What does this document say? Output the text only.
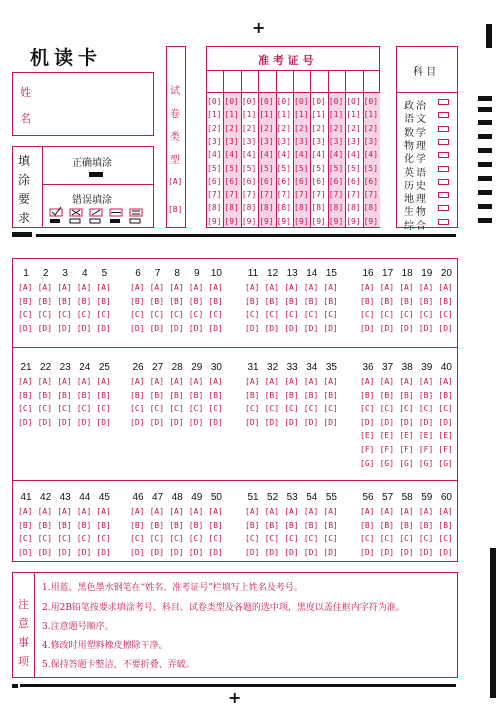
+
+
机读卡
姓
名
填
涂
要
求
正确填涂
错误填涂
试
卷
类
型
[A]
[B]
准 考 证 号
[0]
[1]
[2]
[3]
[4]
[5]
[6]
[7]
[8]
[9]
[0]
[1]
[2]
[3]
[4]
[5]
[6]
[7]
[8]
[9]
[0]
[1]
[2]
[3]
[4]
[5]
[6]
[7]
[8]
[9]
[0]
[1]
[2]
[3]
[4]
[5]
[6]
[7]
[8]
[9]
[0]
[1]
[2]
[3]
[4]
[5]
[6]
[7]
[8]
[9]
[0]
[1]
[2]
[3]
[4]
[5]
[6]
[7]
[8]
[9]
[0]
[1]
[2]
[3]
[4]
[5]
[6]
[7]
[8]
[9]
[0]
[1]
[2]
[3]
[4]
[5]
[6]
[7]
[8]
[9]
[0]
[1]
[2]
[3]
[4]
[5]
[6]
[7]
[8]
[9]
[0]
[1]
[2]
[3]
[4]
[5]
[6]
[7]
[8]
[9]
科 目
政治
语文
数学
物理
化学
英语
历史
地理
生物
综合
1
[A]
[B]
[C]
[D]
2
[A]
[B]
[C]
[D]
3
[A]
[B]
[C]
[D]
4
[A]
[B]
[C]
[D]
5
[A]
[B]
[C]
[D]
6
[A]
[B]
[C]
[D]
7
[A]
[B]
[C]
[D]
8
[A]
[B]
[C]
[D]
9
[A]
[B]
[C]
[D]
10
[A]
[B]
[C]
[D]
11
[A]
[B]
[C]
[D]
12
[A]
[B]
[C]
[D]
13
[A]
[B]
[C]
[D]
14
[A]
[B]
[C]
[D]
15
[A]
[B]
[C]
[D]
16
[A]
[B]
[C]
[D]
17
[A]
[B]
[C]
[D]
18
[A]
[B]
[C]
[D]
19
[A]
[B]
[C]
[D]
20
[A]
[B]
[C]
[D]
21
[A]
[B]
[C]
[D]
22
[A]
[B]
[C]
[D]
23
[A]
[B]
[C]
[D]
24
[A]
[B]
[C]
[D]
25
[A]
[B]
[C]
[D]
26
[A]
[B]
[C]
[D]
27
[A]
[B]
[C]
[D]
28
[A]
[B]
[C]
[D]
29
[A]
[B]
[C]
[D]
30
[A]
[B]
[C]
[D]
31
[A]
[B]
[C]
[D]
32
[A]
[B]
[C]
[D]
33
[A]
[B]
[C]
[D]
34
[A]
[B]
[C]
[D]
35
[A]
[B]
[C]
[D]
36
[A]
[B]
[C]
[D]
[E]
[F]
[G]
37
[A]
[B]
[C]
[D]
[E]
[F]
[G]
38
[A]
[B]
[C]
[D]
[E]
[F]
[G]
39
[A]
[B]
[C]
[D]
[E]
[F]
[G]
40
[A]
[B]
[C]
[D]
[E]
[F]
[G]
41
[A]
[B]
[C]
[D]
42
[A]
[B]
[C]
[D]
43
[A]
[B]
[C]
[D]
44
[A]
[B]
[C]
[D]
45
[A]
[B]
[C]
[D]
46
[A]
[B]
[C]
[D]
47
[A]
[B]
[C]
[D]
48
[A]
[B]
[C]
[D]
49
[A]
[B]
[C]
[D]
50
[A]
[B]
[C]
[D]
51
[A]
[B]
[C]
[D]
52
[A]
[B]
[C]
[D]
53
[A]
[B]
[C]
[D]
54
[A]
[B]
[C]
[D]
55
[A]
[B]
[C]
[D]
56
[A]
[B]
[C]
[D]
57
[A]
[B]
[C]
[D]
58
[A]
[B]
[C]
[D]
59
[A]
[B]
[C]
[D]
60
[A]
[B]
[C]
[D]
注
意
事
项
1.用蓝、黑色墨水钢笔在“姓名、准考证号”栏填写上姓名及考号。
2.用2B铅笔按要求填涂考号、科目、试卷类型及各题的选中项，黑度以盖住框内字符为准。
3.注意题号顺序。
4.修改时用塑料橡皮擦除干净。
5.保持答题卡整洁，不要折叠、弄破。
